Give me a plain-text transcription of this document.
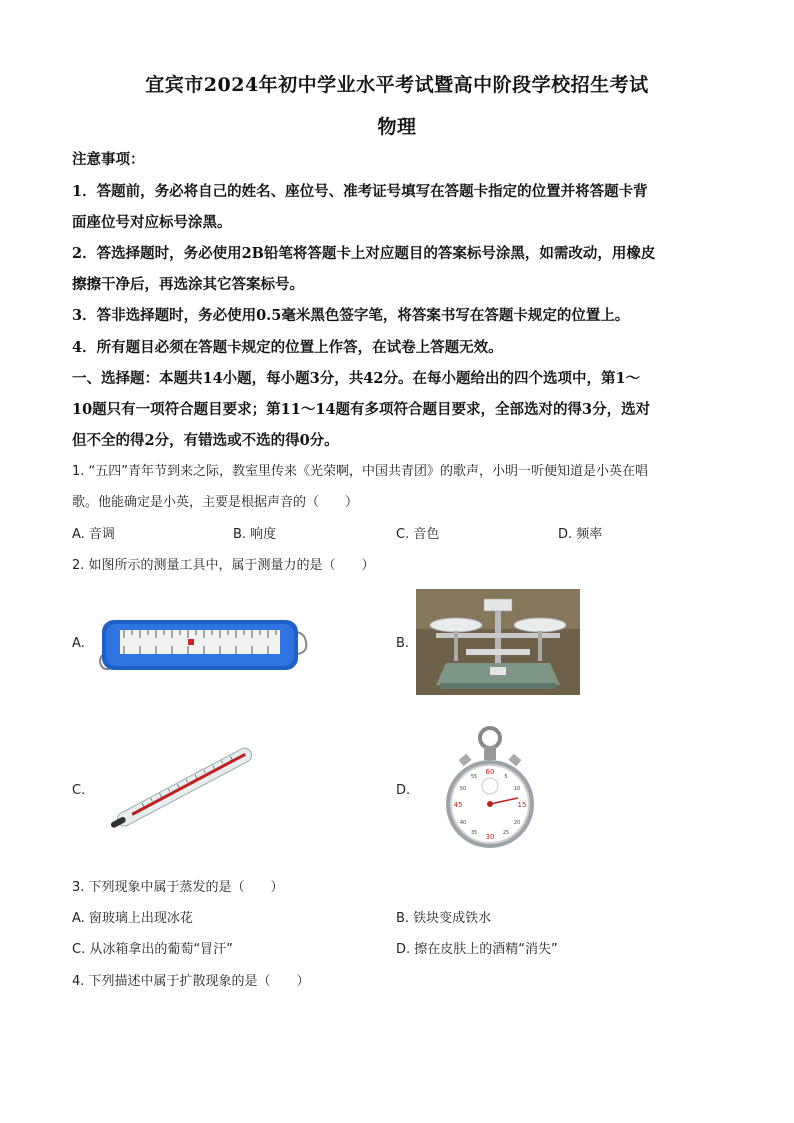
宜宾市2024年初中学业水平考试暨高中阶段学校招生考试
物理
注意事项：
1．答题前，务必将自己的姓名、座位号、准考证号填写在答题卡指定的位置并将答题卡背
面座位号对应标号涂黑。
2．答选择题时，务必使用2B铅笔将答题卡上对应题目的答案标号涂黑，如需改动，用橡皮
擦擦干净后，再选涂其它答案标号。
3．答非选择题时，务必使用0.5毫米黑色签字笔，将答案书写在答题卡规定的位置上。
4．所有题目必须在答题卡规定的位置上作答，在试卷上答题无效。
一、选择题：本题共14小题，每小题3分，共42分。在每小题给出的四个选项中，第1～
10题只有一项符合题目要求；第11～14题有多项符合题目要求，全部选对的得3分，选对
但不全的得2分，有错选或不选的得0分。
1. “五四”青年节到来之际，教室里传来《光荣啊，中国共青团》的歌声，小明一听便知道是小英在唱
歌。他能确定是小英，主要是根据声音的（　　）
A. 音调	B. 响度	C. 音色	D. 频率
2. 如图所示的测量工具中，属于测量力的是（　　）
A.	B.
C.	D.
60
15
30
45
5
10
20
25
35
40
50
55
3. 下列现象中属于蒸发的是（　　）
A. 窗玻璃上出现冰花	B. 铁块变成铁水
C. 从冰箱拿出的葡萄“冒汗”	D. 擦在皮肤上的酒精“消失”
4. 下列描述中属于扩散现象的是（　　）
